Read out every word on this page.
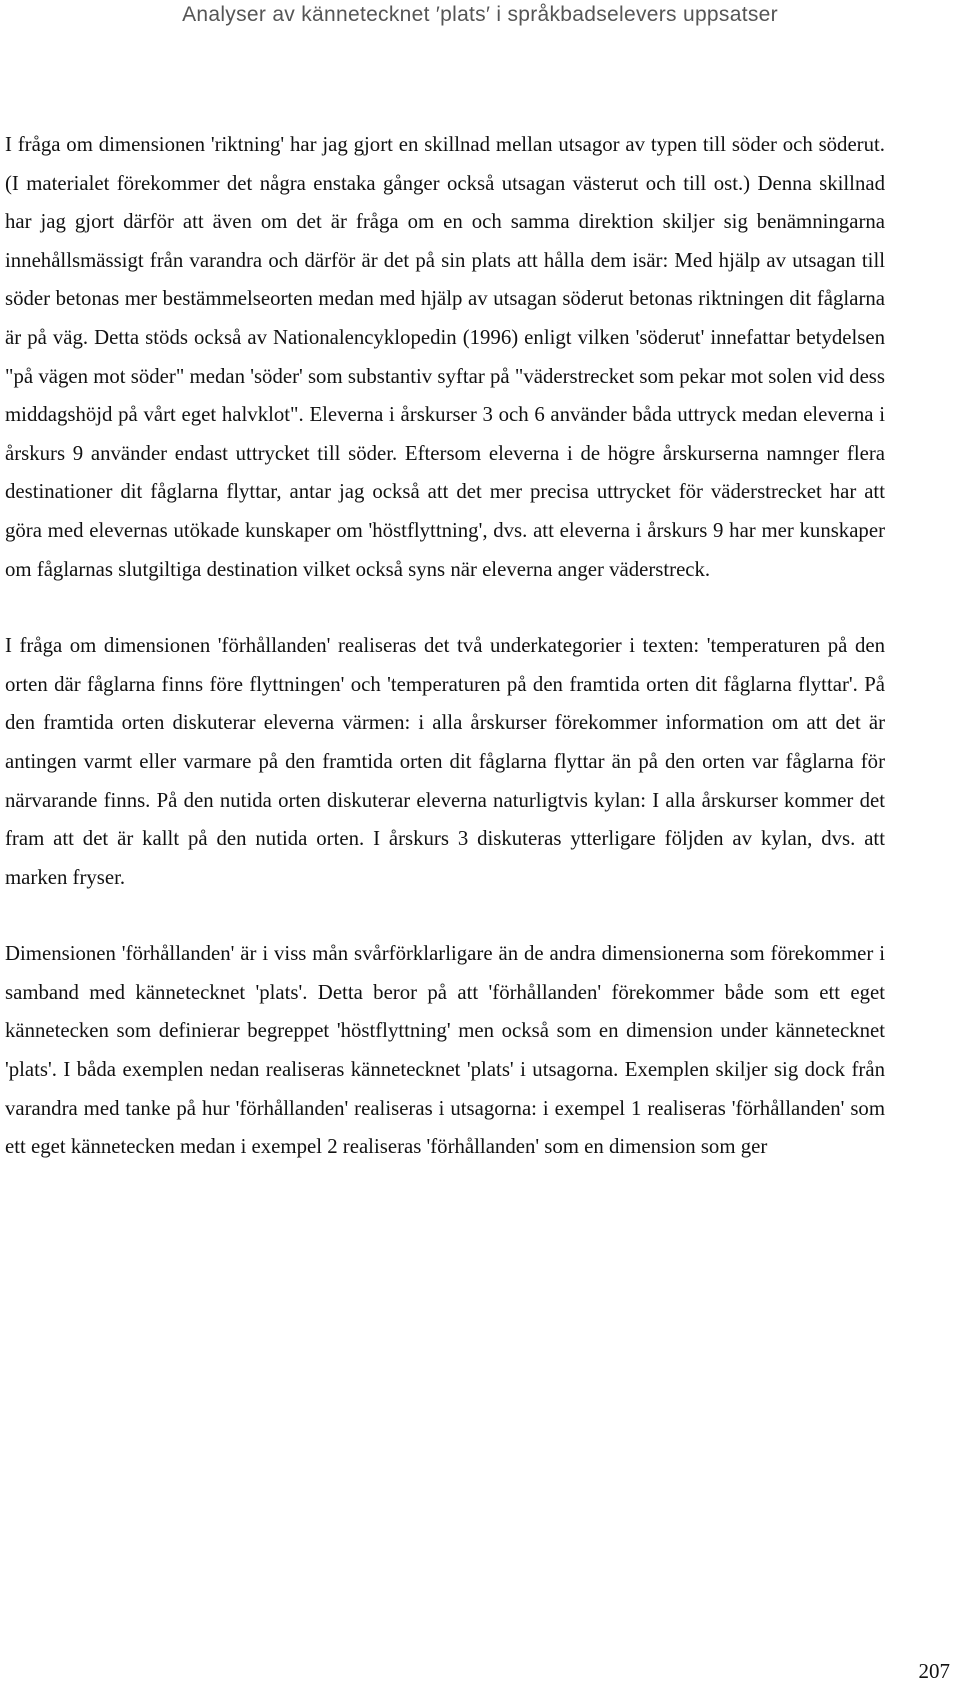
Analyser av kännetecknet ′plats′ i språkbadselevers uppsatser

I fråga om dimensionen 'riktning' har jag gjort en skillnad mellan utsagor av typen till söder och söderut. (I materialet förekommer det några enstaka gånger också utsagan västerut och till ost.) Denna skillnad har jag gjort därför att även om det är fråga om en och samma direktion skiljer sig benämningarna innehållsmässigt från varandra och därför är det på sin plats att hålla dem isär: Med hjälp av utsagan till söder betonas mer bestämmelseorten medan med hjälp av utsagan söderut betonas riktningen dit fåglarna är på väg. Detta stöds också av Nationalencyklopedin (1996) enligt vilken 'söderut' innefattar betydelsen "på vägen mot söder" medan 'söder' som substantiv syftar på "väderstrecket som pekar mot solen vid dess middagshöjd på vårt eget halvklot". Eleverna i årskurser 3 och 6 använder båda uttryck medan eleverna i årskurs 9 använder endast uttrycket till söder. Eftersom eleverna i de högre årskurserna namnger flera destinationer dit fåglarna flyttar, antar jag också att det mer precisa uttrycket för väderstrecket har att göra med elevernas utökade kunskaper om 'höstflyttning', dvs. att eleverna i årskurs 9 har mer kunskaper om fåglarnas slutgiltiga destination vilket också syns när eleverna anger väderstreck.

I fråga om dimensionen 'förhållanden' realiseras det två underkategorier i texten: 'temperaturen på den orten där fåglarna finns före flyttningen' och 'temperaturen på den framtida orten dit fåglarna flyttar'. På den framtida orten diskuterar eleverna värmen: i alla årskurser förekommer information om att det är antingen varmt eller varmare på den framtida orten dit fåglarna flyttar än på den orten var fåglarna för närvarande finns. På den nutida orten diskuterar eleverna naturligtvis kylan: I alla årskurser kommer det fram att det är kallt på den nutida orten. I årskurs 3 diskuteras ytterligare följden av kylan, dvs. att marken fryser.

Dimensionen 'förhållanden' är i viss mån svårförklarligare än de andra dimensionerna som förekommer i samband med kännetecknet 'plats'. Detta beror på att 'förhållanden' förekommer både som ett eget kännetecken som definierar begreppet 'höstflyttning' men också som en dimension under kännetecknet 'plats'. I båda exemplen nedan realiseras kännetecknet 'plats' i utsagorna. Exemplen skiljer sig dock från varandra med tanke på hur 'förhållanden' realiseras i utsagorna: i exempel 1 realiseras 'förhållanden' som ett eget kännetecken medan i exempel 2 realiseras 'förhållanden' som en dimension som ger

207
